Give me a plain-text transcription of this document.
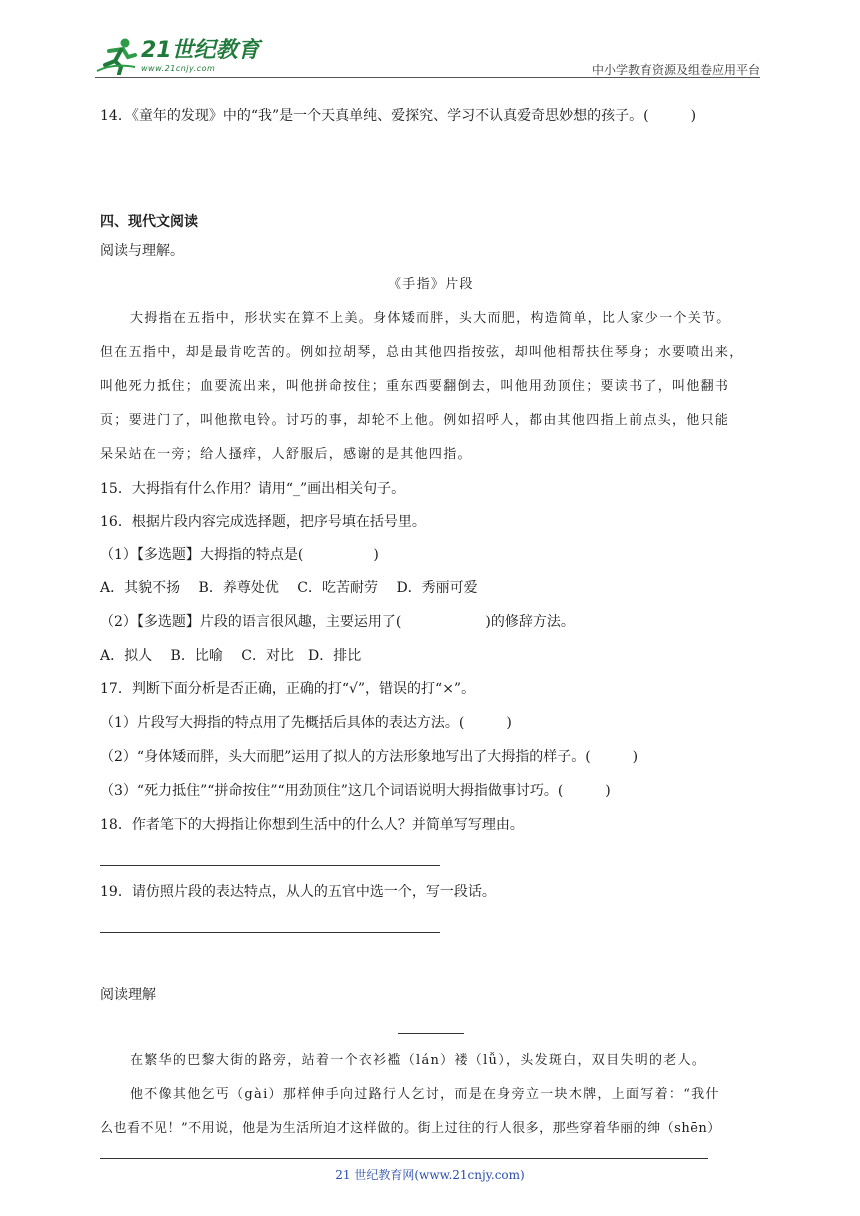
21世纪教育
www.21cnjy.com	中小学教育资源及组卷应用平台
14．《童年的发现》中的“我”是一个天真单纯、爱探究、学习不认真爱奇思妙想的孩子。(　　　)
四、现代文阅读
阅读与理解。
《手指》片段
大拇指在五指中，形状实在算不上美。身体矮而胖，头大而肥，构造简单，比人家少一个关节。
但在五指中，却是最肯吃苦的。例如拉胡琴，总由其他四指按弦，却叫他相帮扶住琴身；水要喷出来，
叫他死力抵住；血要流出来，叫他拼命按住；重东西要翻倒去，叫他用劲顶住；要读书了，叫他翻书
页；要进门了，叫他揿电铃。讨巧的事，却轮不上他。例如招呼人，都由其他四指上前点头，他只能
呆呆站在一旁；给人搔痒，人舒服后，感谢的是其他四指。
15．大拇指有什么作用？请用“_”画出相关句子。
16．根据片段内容完成选择题，把序号填在括号里。
（1）【多选题】大拇指的特点是(　　　　　)
A．其貌不扬　 B．养尊处优　 C．吃苦耐劳　 D．秀丽可爱
（2）【多选题】片段的语言很风趣，主要运用了(　　　　　　)的修辞方法。
A．拟人　 B．比喻　 C．对比　D．排比
17．判断下面分析是否正确，正确的打“√”，错误的打“×”。
（1）片段写大拇指的特点用了先概括后具体的表达方法。(　　　)
（2）“身体矮而胖，头大而肥”运用了拟人的方法形象地写出了大拇指的样子。(　　　)
（3）“死力抵住”“拼命按住”“用劲顶住”这几个词语说明大拇指做事讨巧。(　　　)
18．作者笔下的大拇指让你想到生活中的什么人？并简单写写理由。
19．请仿照片段的表达特点，从人的五官中选一个，写一段话。
阅读理解
在繁华的巴黎大街的路旁，站着一个衣衫褴（lán）褛（lǚ），头发斑白，双目失明的老人。
他不像其他乞丐（gài）那样伸手向过路行人乞讨，而是在身旁立一块木牌，上面写着：“我什
么也看不见！”不用说，他是为生活所迫才这样做的。街上过往的行人很多，那些穿着华丽的绅（shēn）
21 世纪教育网(www.21cnjy.com)
